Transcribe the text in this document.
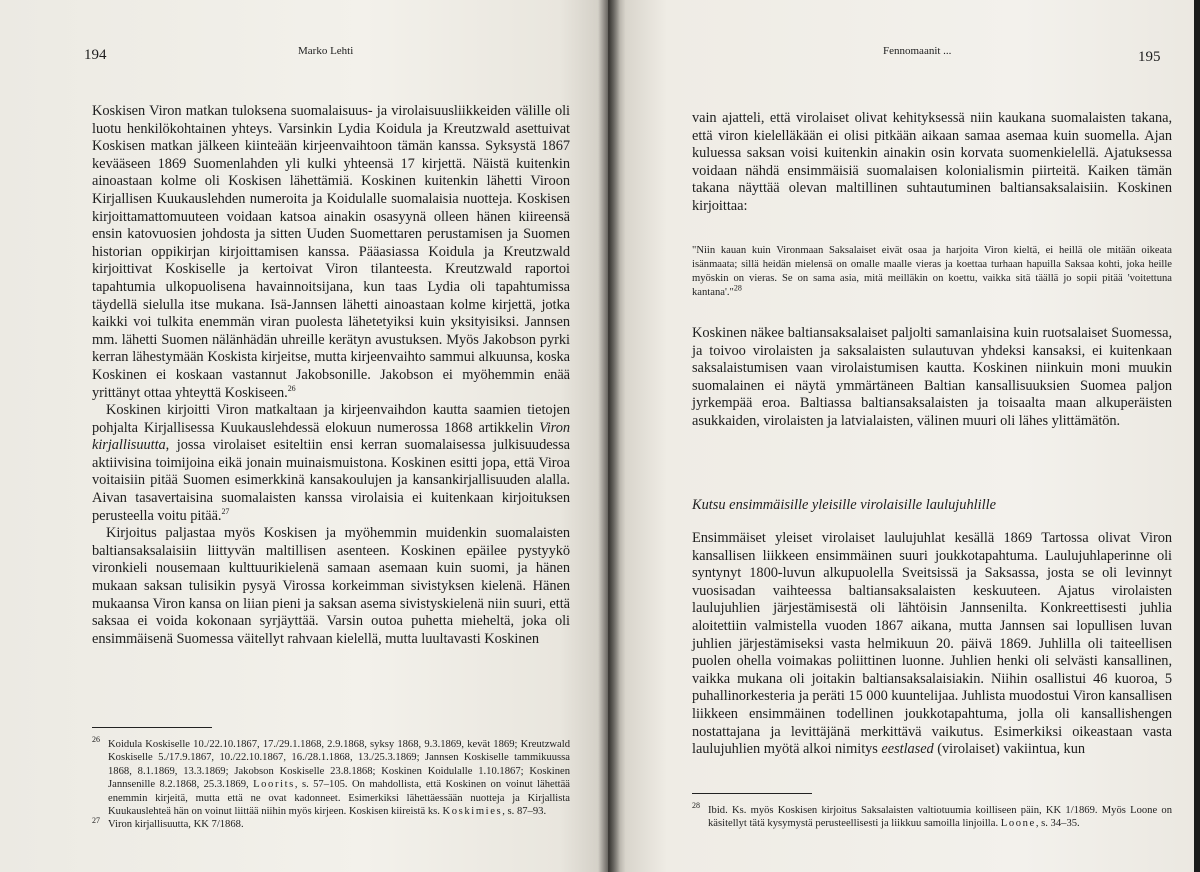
194	Marko Lehti

Koskisen Viron matkan tuloksena suomalaisuus- ja virolaisuusliikkeiden välille oli luotu henkilökohtainen yhteys. Varsinkin Lydia Koidula ja Kreutzwald asettuivat Koskisen matkan jälkeen kiinteään kirjeenvaihtoon tämän kanssa. Syksystä 1867 kevääseen 1869 Suomenlahden yli kulki yhteensä 17 kirjettä. Näistä kuitenkin ainoastaan kolme oli Koskisen lähettämiä. Koskinen kuitenkin lähetti Viroon Kirjallisen Kuukauslehden numeroita ja Koidulalle suomalaisia nuotteja. Koskisen kirjoittamattomuuteen voidaan katsoa ainakin osasyynä olleen hänen kiireensä ensin katovuosien johdosta ja sitten Uuden Suomettaren perustamisen ja Suomen historian oppikirjan kirjoittamisen kanssa. Pääasiassa Koidula ja Kreutzwald kirjoittivat Koskiselle ja kertoivat Viron tilanteesta. Kreutzwald raportoi tapahtumia ulkopuolisena havainnoitsijana, kun taas Lydia oli tapahtumissa täydellä sielulla itse mukana. Isä-Jannsen lähetti ainoastaan kolme kirjettä, jotka kaikki voi tulkita enemmän viran puolesta lähetetyiksi kuin yksityisiksi. Jannsen mm. lähetti Suomen nälänhädän uhreille kerätyn avustuksen. Myös Jakobson pyrki kerran lähestymään Koskista kirjeitse, mutta kirjeenvaihto sammui alkuunsa, koska Koskinen ei koskaan vastannut Jakobsonille. Jakobson ei myöhemmin enää yrittänyt ottaa yhteyttä Koskiseen.$^{26}$

Koskinen kirjoitti Viron matkaltaan ja kirjeenvaihdon kautta saamien tietojen pohjalta Kirjallisessa Kuukauslehdessä elokuun numerossa 1868 artikkelin Viron kirjallisuutta, jossa virolaiset esiteltiin ensi kerran suomalaisessa julkisuudessa aktiivisina toimijoina eikä jonain muinaismuistona. Koskinen esitti jopa, että Viroa voitaisiin pitää Suomen esimerkkinä kansakoulujen ja kansankirjallisuuden alalla. Aivan tasavertaisina suomalaisten kanssa virolaisia ei kuitenkaan kirjoituksen perusteella voitu pitää.$^{27}$

Kirjoitus paljastaa myös Koskisen ja myöhemmin muidenkin suomalaisten baltiansaksalaisiin liittyvän maltillisen asenteen. Koskinen epäilee pystyykö vironkieli nousemaan kulttuurikielenä samaan asemaan kuin suomi, ja hänen mukaan saksan tulisikin pysyä Virossa korkeimman sivistyksen kielenä. Hänen mukaansa Viron kansa on liian pieni ja saksan asema sivistyskielenä niin suuri, että saksaa ei voida kokonaan syrjäyttää. Varsin outoa puhetta mieheltä, joka oli ensimmäisenä Suomessa väitellyt rahvaan kielellä, mutta luultavasti Koskinen

26 Koidula Koskiselle 10./22.10.1867, 17./29.1.1868, 2.9.1868, syksy 1868, 9.3.1869, kevät 1869; Kreutzwald Koskiselle 5./17.9.1867, 10./22.10.1867, 16./28.1.1868, 13./25.3.1869; Jannsen Koskiselle tammikuussa 1868, 8.1.1869, 13.3.1869; Jakobson Koskiselle 23.8.1868; Koskinen Koidulalle 1.10.1867; Koskinen Jannsenille 8.2.1868, 25.3.1869, Loorits, s. 57–105. On mahdollista, että Koskinen on voinut lähettää enemmin kirjeitä, mutta että ne ovat kadonneet. Esimerkiksi lähettäessään nuotteja ja Kirjallista Kuukauslehteä hän on voinut liittää niihin myös kirjeen. Koskisen kiireistä ks. Koskimies, s. 87–93.

27 Viron kirjallisuutta, KK 7/1868.

Fennomaanit ...	195

vain ajatteli, että virolaiset olivat kehityksessä niin kaukana suomalaisten takana, että viron kielelläkään ei olisi pitkään aikaan samaa asemaa kuin suomella. Ajan kuluessa saksan voisi kuitenkin ainakin osin korvata suomenkielellä. Ajatuksessa voidaan nähdä ensimmäisiä suomalaisen kolonialismin piirteitä. Kaiken tämän takana näyttää olevan maltillinen suhtautuminen baltiansaksalaisiin. Koskinen kirjoittaa:

"Niin kauan kuin Vironmaan Saksalaiset eivät osaa ja harjoita Viron kieltä, ei heillä ole mitään oikeata isänmaata; sillä heidän mielensä on omalle maalle vieras ja koettaa turhaan hapuilla Saksaa kohti, joka heille myöskin on vieras. Se on sama asia, mitä meilläkin on koettu, vaikka sitä täällä jo sopii pitää 'voitettuna kantana'."$^{28}$

Koskinen näkee baltiansaksalaiset paljolti samanlaisina kuin ruotsalaiset Suomessa, ja toivoo virolaisten ja saksalaisten sulautuvan yhdeksi kansaksi, ei kuitenkaan saksalaistumisen vaan virolaistumisen kautta. Koskinen niinkuin moni muukin suomalainen ei näytä ymmärtäneen Baltian kansallisuuksien Suomea paljon jyrkempää eroa. Baltiassa baltiansaksalaisten ja toisaalta maan alkuperäisten asukkaiden, virolaisten ja latvialaisten, välinen muuri oli lähes ylittämätön.

Kutsu ensimmäisille yleisille virolaisille laulujuhlille

Ensimmäiset yleiset virolaiset laulujuhlat kesällä 1869 Tartossa olivat Viron kansallisen liikkeen ensimmäinen suuri joukkotapahtuma. Laulujuhlaperinne oli syntynyt 1800-luvun alkupuolella Sveitsissä ja Saksassa, josta se oli levinnyt vuosisadan vaihteessa baltiansaksalaisten keskuuteen. Ajatus virolaisten laulujuhlien järjestämisestä oli lähtöisin Jannsenilta. Konkreettisesti juhlia aloitettiin valmistella vuoden 1867 aikana, mutta Jannsen sai lopullisen luvan juhlien järjestämiseksi vasta helmikuun 20. päivä 1869. Juhlilla oli taiteellisen puolen ohella voimakas poliittinen luonne. Juhlien henki oli selvästi kansallinen, vaikka mukana oli joitakin baltiansaksalaisiakin. Niihin osallistui 46 kuoroa, 5 puhallinorkesteria ja peräti 15 000 kuuntelijaa. Juhlista muodostui Viron kansallisen liikkeen ensimmäinen todellinen joukkotapahtuma, jolla oli kansallishengen nostattajana ja levittäjänä merkittävä vaikutus. Esimerkiksi oikeastaan vasta laulujuhlien myötä alkoi nimitys eestlased (virolaiset) vakiintua, kun

28 Ibid. Ks. myös Koskisen kirjoitus Saksalaisten valtiotuumia koilliseen päin, KK 1/1869. Myös Loone on käsitellyt tätä kysymystä perusteellisesti ja liikkuu samoilla linjoilla. Loone, s. 34–35.
